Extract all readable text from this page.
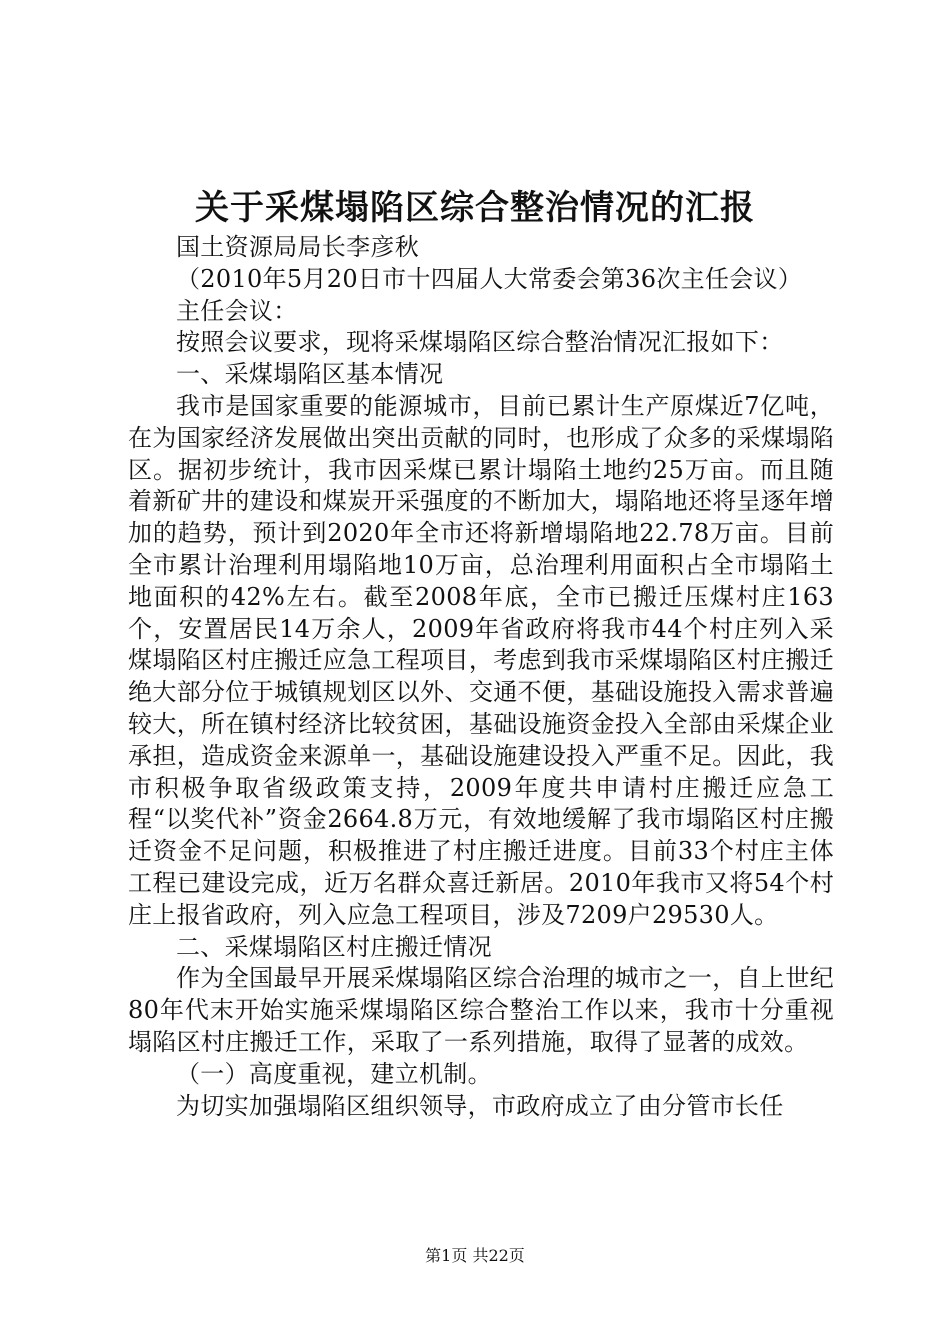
关于采煤塌陷区综合整治情况的汇报

国土资源局局长李彦秋

（2010年5月20日市十四届人大常委会第36次主任会议）

主任会议：

按照会议要求，现将采煤塌陷区综合整治情况汇报如下：

一、采煤塌陷区基本情况

我市是国家重要的能源城市，目前已累计生产原煤近7亿吨，在为国家经济发展做出突出贡献的同时，也形成了众多的采煤塌陷区。据初步统计，我市因采煤已累计塌陷土地约25万亩。而且随着新矿井的建设和煤炭开采强度的不断加大，塌陷地还将呈逐年增加的趋势，预计到2020年全市还将新增塌陷地22.78万亩。目前全市累计治理利用塌陷地10万亩，总治理利用面积占全市塌陷土地面积的42%左右。截至2008年底，全市已搬迁压煤村庄163个，安置居民14万余人，2009年省政府将我市44个村庄列入采煤塌陷区村庄搬迁应急工程项目，考虑到我市采煤塌陷区村庄搬迁绝大部分位于城镇规划区以外、交通不便，基础设施投入需求普遍较大，所在镇村经济比较贫困，基础设施资金投入全部由采煤企业承担，造成资金来源单一，基础设施建设投入严重不足。因此，我市积极争取省级政策支持，2009年度共申请村庄搬迁应急工程“以奖代补”资金2664.8万元，有效地缓解了我市塌陷区村庄搬迁资金不足问题，积极推进了村庄搬迁进度。目前33个村庄主体工程已建设完成，近万名群众喜迁新居。2010年我市又将54个村庄上报省政府，列入应急工程项目，涉及7209户29530人。

二、采煤塌陷区村庄搬迁情况

作为全国最早开展采煤塌陷区综合治理的城市之一，自上世纪80年代末开始实施采煤塌陷区综合整治工作以来，我市十分重视塌陷区村庄搬迁工作，采取了一系列措施，取得了显著的成效。

（一）高度重视，建立机制。

为切实加强塌陷区组织领导，市政府成立了由分管市长任

第1页 共22页
